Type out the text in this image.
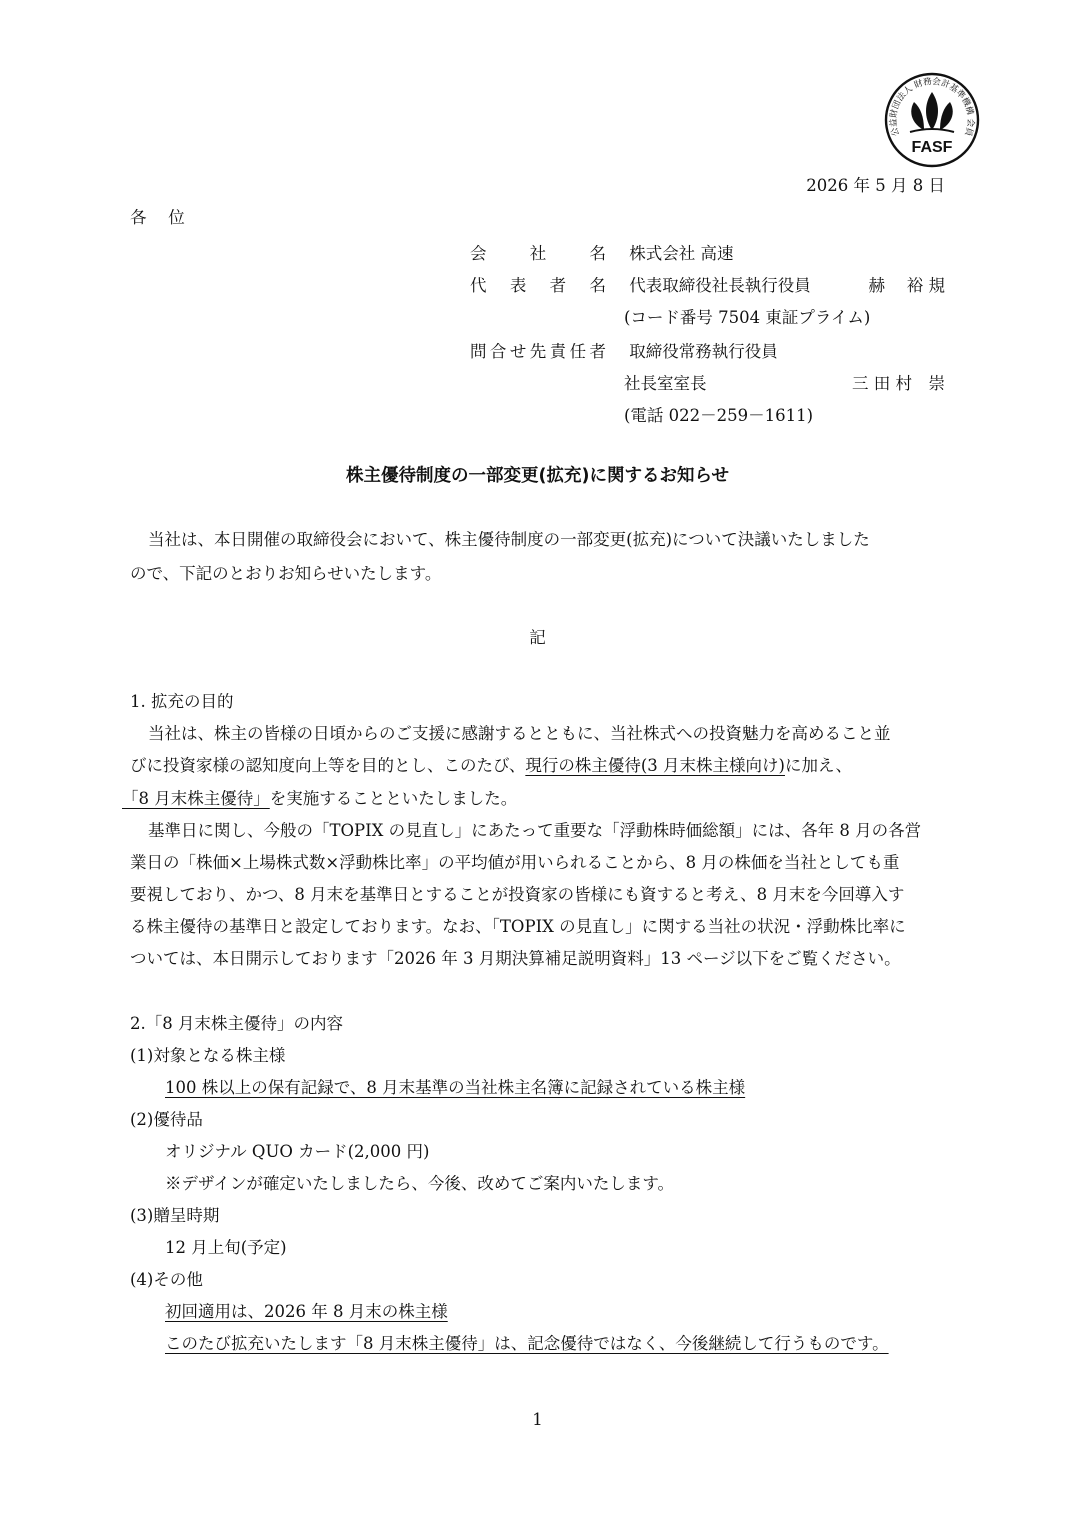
公益財団法人 財務会計基準機構 会員
FASF
2026 年 5 月 8 日
各　 位
会　社　名 株式会社 高速
代 表 者 名 代表取締役社長執行役員	赫　 裕 規
(コード番号 7504 東証プライム)
問合せ先責任者 取締役常務執行役員
社長室室長	三 田 村　崇
(電話 022－259－1611)
株主優待制度の一部変更(拡充)に関するお知らせ
当社は、本日開催の取締役会において、株主優待制度の一部変更(拡充)について決議いたしました
ので、下記のとおりお知らせいたします。
記
1. 拡充の目的
当社は、株主の皆様の日頃からのご支援に感謝するとともに、当社株式への投資魅力を高めること並
びに投資家様の認知度向上等を目的とし、このたび、現行の株主優待(3 月末株主様向け)に加え、
「8 月末株主優待」を実施することといたしました。
基準日に関し、今般の「TOPIX の見直し」にあたって重要な「浮動株時価総額」には、各年 8 月の各営
業日の「株価×上場株式数×浮動株比率」の平均値が用いられることから、8 月の株価を当社としても重
要視しており、かつ、8 月末を基準日とすることが投資家の皆様にも資すると考え、8 月末を今回導入す
る株主優待の基準日と設定しております。なお、「TOPIX の見直し」に関する当社の状況・浮動株比率に
ついては、本日開示しております「2026 年 3 月期決算補足説明資料」13 ページ以下をご覧ください。
2.「8 月末株主優待」の内容
(1)対象となる株主様
100 株以上の保有記録で、8 月末基準の当社株主名簿に記録されている株主様
(2)優待品
オリジナル QUO カード(2,000 円)
※デザインが確定いたしましたら、今後、改めてご案内いたします。
(3)贈呈時期
12 月上旬(予定)
(4)その他
初回適用は、2026 年 8 月末の株主様
このたび拡充いたします「8 月末株主優待」は、記念優待ではなく、今後継続して行うものです。
1
